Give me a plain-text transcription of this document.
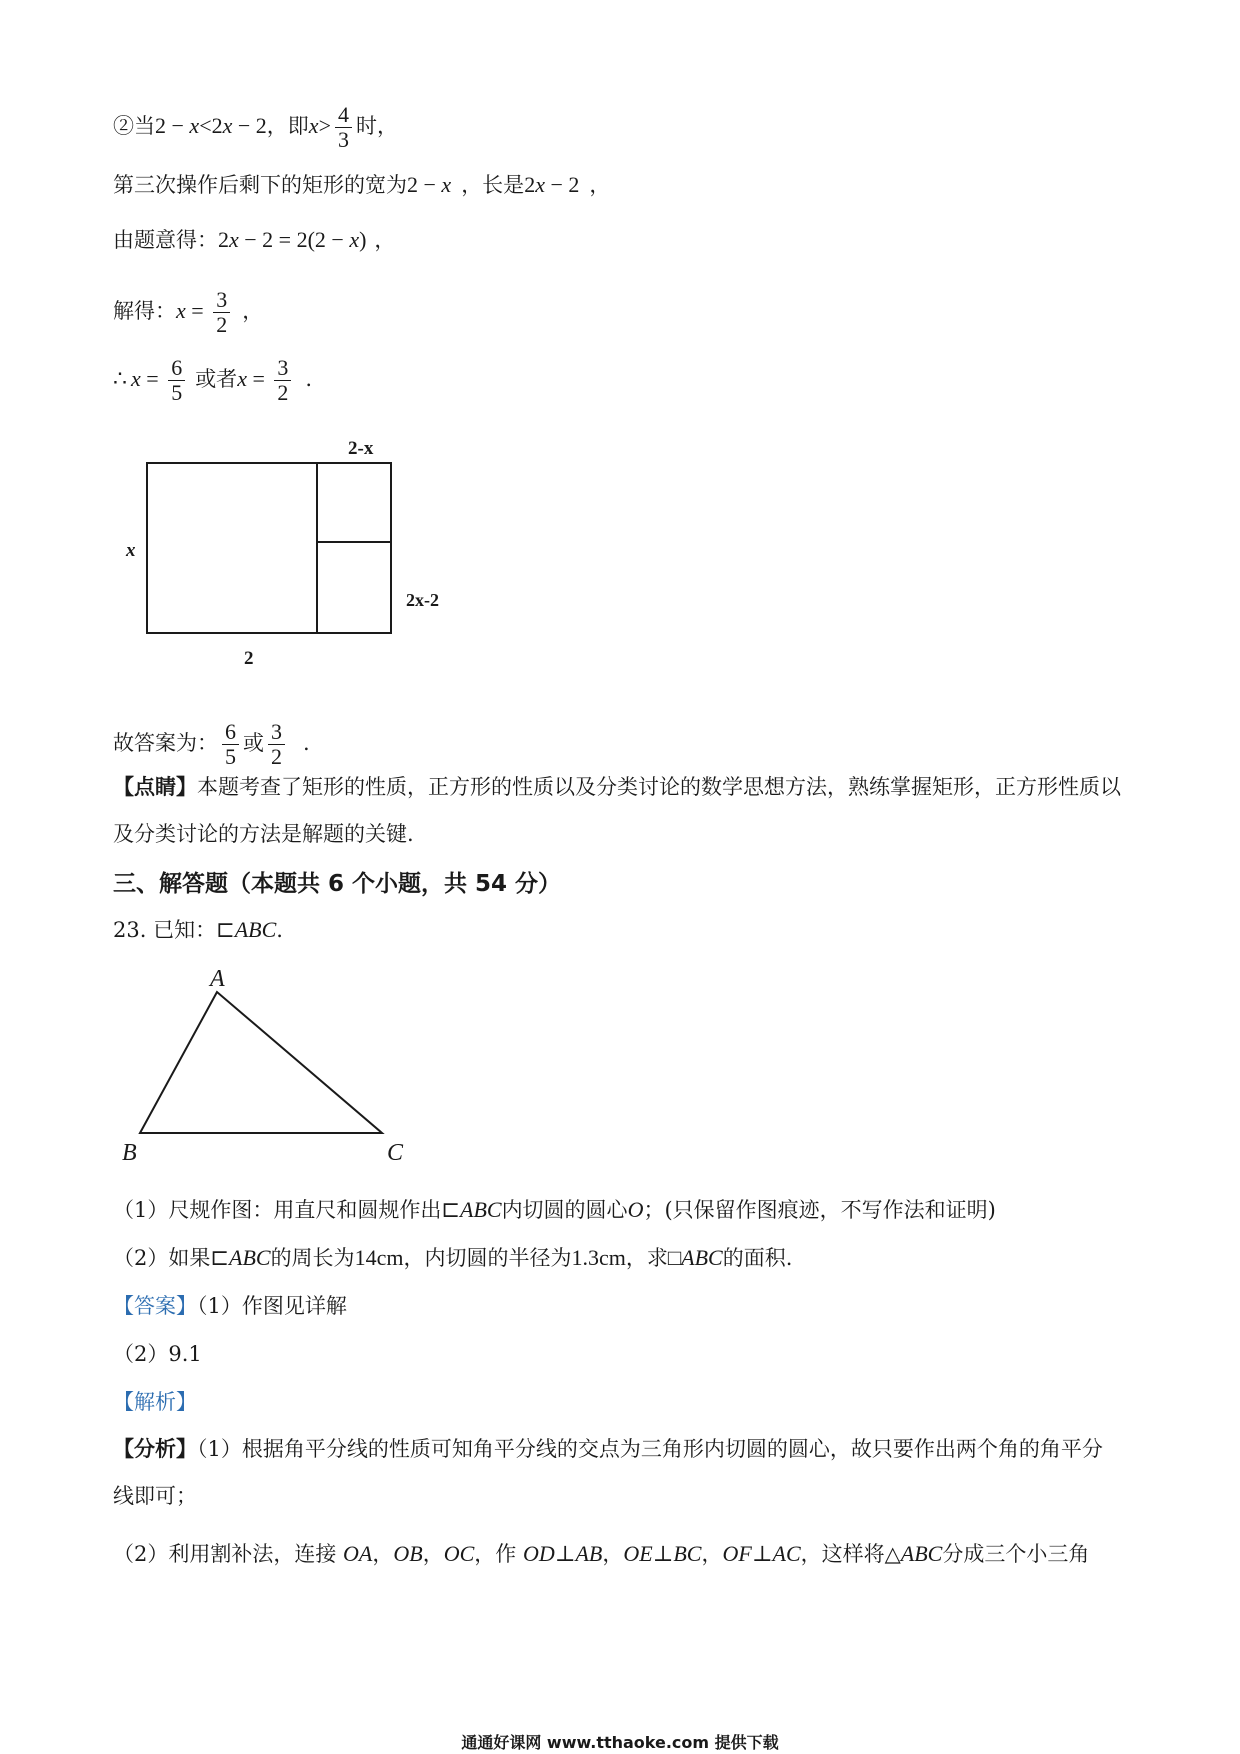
②当2 − x<2x − 2，即$x> \frac{4}{3}$ 时，
第三次操作后剩下的矩形的宽为2 − x ，长是2x − 2 ，
由题意得：2x − 2 = 2(2 − x) ，
解得：$x = \frac{3}{2}$ ，
∴ $x = \frac{6}{5}$ 或者$x = \frac{3}{2}$ .
2-x
x
2x-2
2
故答案为： $\frac{6}{5}$ 或 $\frac{3}{2}$ .
【点睛】本题考查了矩形的性质，正方形的性质以及分类讨论的数学思想方法，熟练掌握矩形，正方形性质以及分类讨论的方法是解题的关键.
三、解答题（本题共 6 个小题，共 54 分）
23. 已知：⊏ABC.
A
B	C
（1）尺规作图：用直尺和圆规作出⊏ABC内切圆的圆心O；(只保留作图痕迹，不写作法和证明)
（2）如果⊏ABC的周长为14cm，内切圆的半径为1.3cm，求□ABC的面积.
【答案】（1）作图见详解
（2）9.1
【解析】
【分析】（1）根据角平分线的性质可知角平分线的交点为三角形内切圆的圆心，故只要作出两个角的角平分线即可；
（2）利用割补法，连接 OA，OB，OC，作 OD⊥AB，OE⊥BC，OF⊥AC，这样将△ABC分成三个小三角
通通好课网 www.tthaoke.com 提供下载
